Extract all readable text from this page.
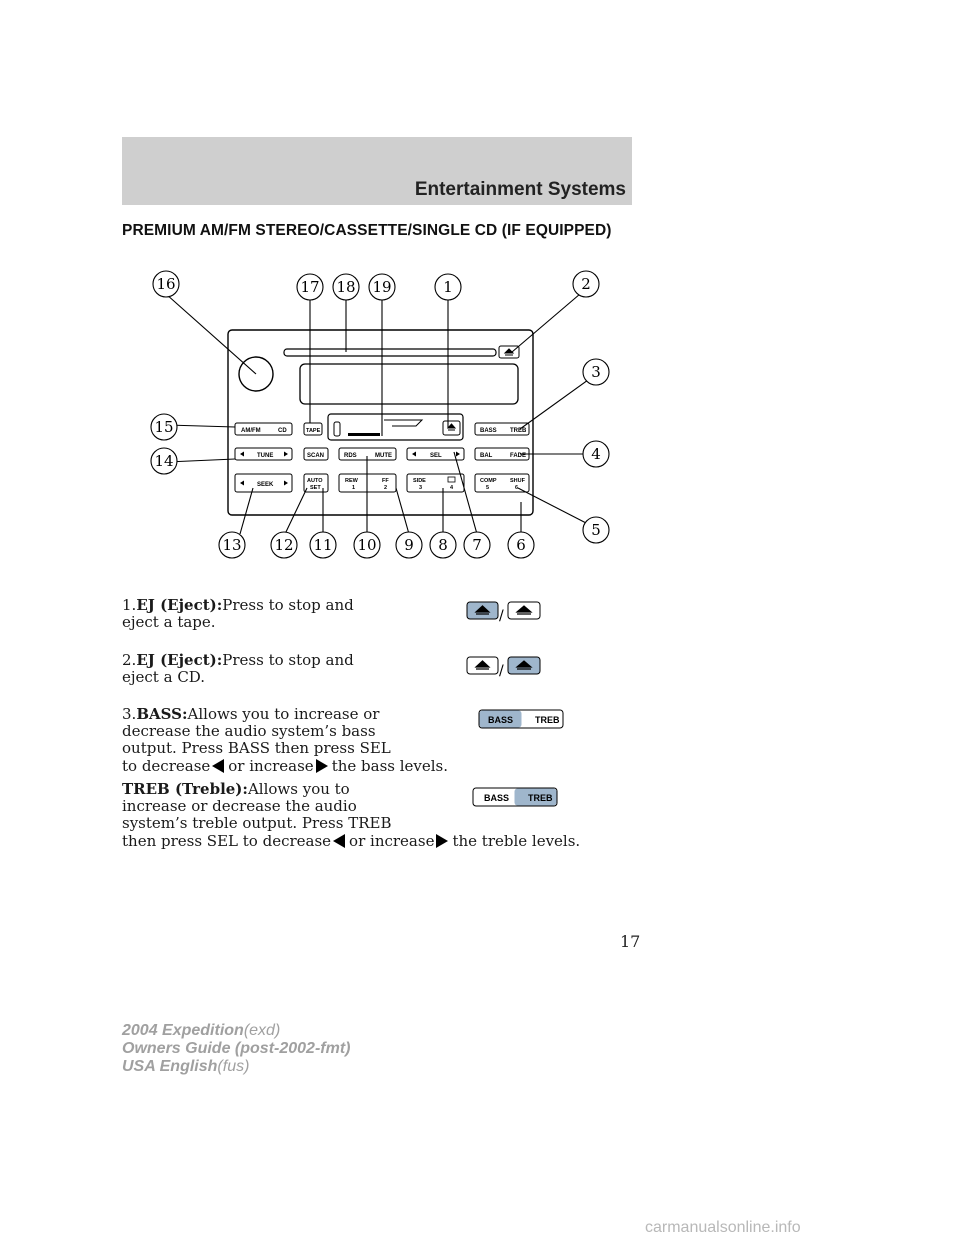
Entertainment Systems
PREMIUM AM/FM STEREO/CASSETTE/SINGLE CD (IF EQUIPPED)
AM/FM	CD	TAPE	BASS TREB
TUNE	SCAN	RDS	MUTE	SEL	BAL	FADE
SEEK
AUTO
SET
REW	FF
1	2
SIDE
3	4
COMP SHUF
5	6
16	17 18 19	1	2
3
15
4
14
5
13 12 11 10 9 8 7 6
1.EJ (Eject):Press to stop and
eject a tape.	/
2.EJ (Eject):Press to stop and
eject a CD.	/
3.BASS:Allows you to increase or
decrease the audio system’s bass
output. Press BASS then press SEL
to decrease or increase the bass levels.
BASS TREB
TREB (Treble):Allows you to
increase or decrease the audio
system’s treble output. Press TREB
then press SEL to decrease or increase the treble levels.
BASS TREB
17
2004 Expedition(exd)
Owners Guide (post-2002-fmt)
USA English(fus)
carmanualsonline.info
